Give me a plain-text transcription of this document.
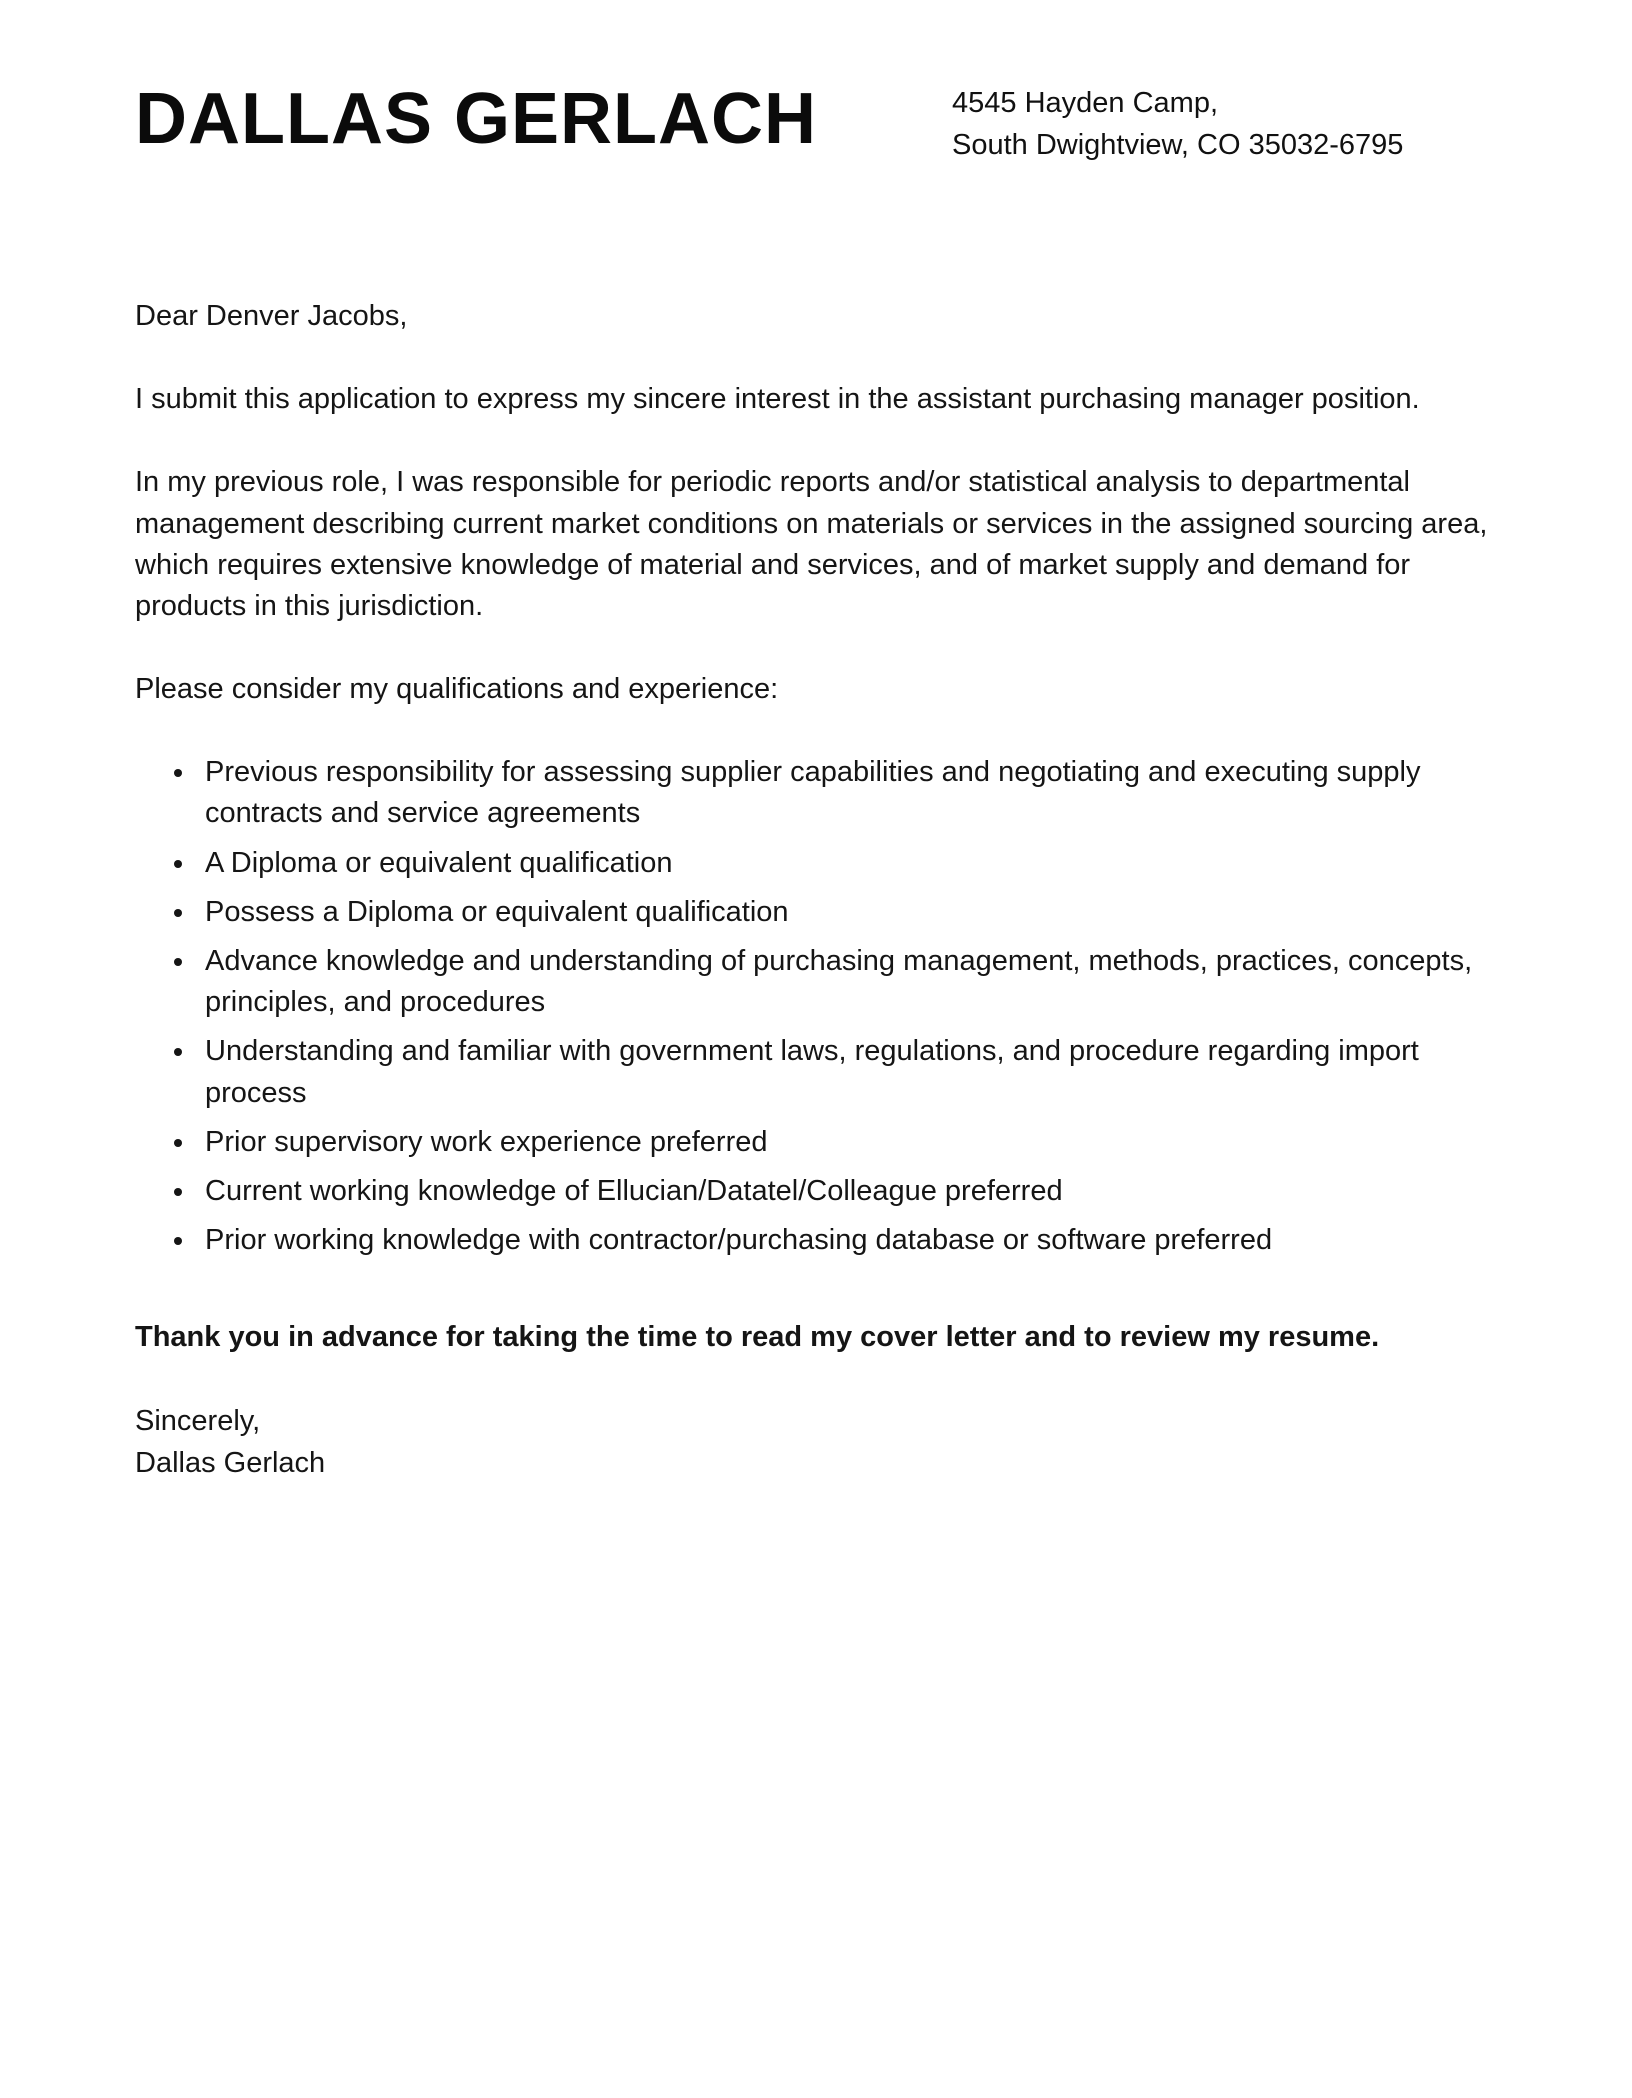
DALLAS GERLACH	4545 Hayden Camp,
South Dwightview, CO 35032-6795

Dear Denver Jacobs,

I submit this application to express my sincere interest in the assistant purchasing manager position.

In my previous role, I was responsible for periodic reports and/or statistical analysis to departmental management describing current market conditions on materials or services in the assigned sourcing area, which requires extensive knowledge of material and services, and of market supply and demand for products in this jurisdiction.

Please consider my qualifications and experience:

• Previous responsibility for assessing supplier capabilities and negotiating and executing supply contracts and service agreements
• A Diploma or equivalent qualification
• Possess a Diploma or equivalent qualification
• Advance knowledge and understanding of purchasing management, methods, practices, concepts, principles, and procedures
• Understanding and familiar with government laws, regulations, and procedure regarding import process
• Prior supervisory work experience preferred
• Current working knowledge of Ellucian/Datatel/Colleague preferred
• Prior working knowledge with contractor/purchasing database or software preferred

Thank you in advance for taking the time to read my cover letter and to review my resume.

Sincerely,
Dallas Gerlach
